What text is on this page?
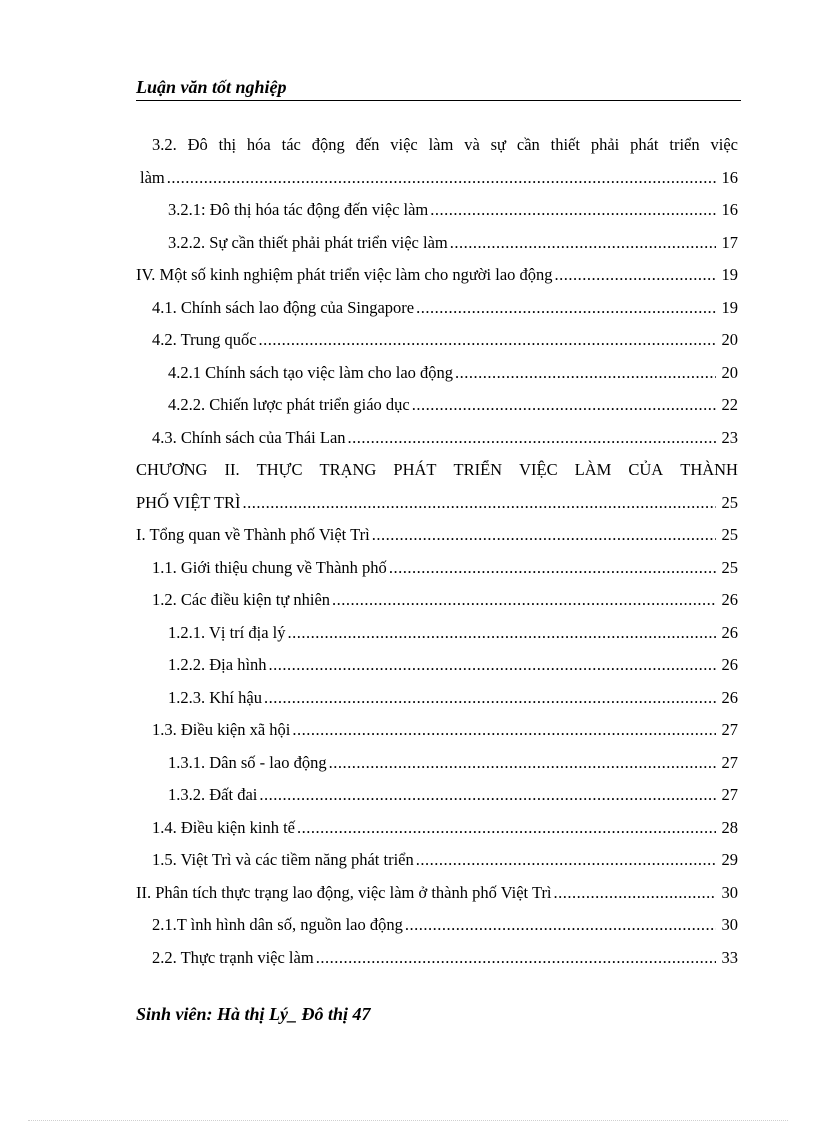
Luận văn tốt nghiệp
3.2. Đô thị hóa tác động đến việc làm và sự cần thiết phải phát triển việc
làm .....	16
3.2.1: Đô thị hóa tác động đến việc làm .....	16
3.2.2. Sự cần thiết phải phát triển việc làm .....	17
IV. Một số kinh nghiệm phát triển việc làm cho người lao động .....	19
4.1. Chính sách lao động của Singapore .....	19
4.2. Trung quốc .....	20
4.2.1 Chính sách tạo việc làm cho lao động .....	20
4.2.2. Chiến lược phát triển giáo dục .....	22
4.3. Chính sách của Thái Lan .....	23
CHƯƠNG II. THỰC TRẠNG PHÁT TRIỂN VIỆC LÀM CỦA THÀNH
PHỐ VIỆT TRÌ .....	25
I. Tổng quan về Thành phố Việt Trì .....	25
1.1. Giới thiệu chung về Thành phố .....	25
1.2. Các điều kiện tự nhiên .....	26
1.2.1. Vị trí địa lý .....	26
1.2.2. Địa hình .....	26
1.2.3. Khí hậu .....	26
1.3. Điều kiện xã hội .....	27
1.3.1. Dân số - lao động .....	27
1.3.2. Đất đai .....	27
1.4. Điều kiện kinh tế .....	28
1.5. Việt Trì và các tiềm năng phát triển .....	29
II. Phân tích thực trạng lao động, việc làm ở thành phố Việt Trì .....	30
2.1.T ình hình dân số, nguồn lao động .....	30
2.2. Thực trạnh việc làm .....	33
Sinh viên: Hà thị Lý_ Đô thị 47
